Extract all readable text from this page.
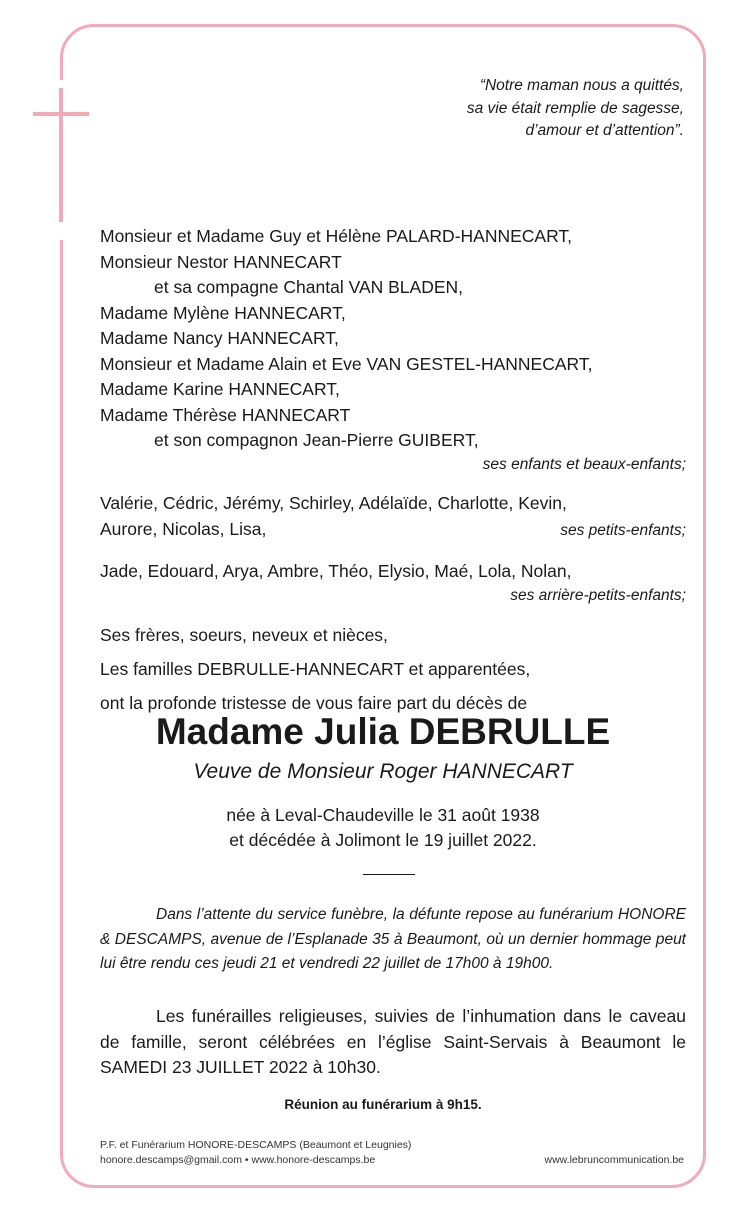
“Notre maman nous a quittés,
sa vie était remplie de sagesse,
d’amour et d’attention”.
Monsieur et Madame Guy et Hélène PALARD-HANNECART,
Monsieur Nestor HANNECART
et sa compagne Chantal VAN BLADEN,
Madame Mylène HANNECART,
Madame Nancy HANNECART,
Monsieur et Madame Alain et Eve VAN GESTEL-HANNECART,
Madame Karine HANNECART,
Madame Thérèse HANNECART
et son compagnon Jean-Pierre GUIBERT,
ses enfants et beaux-enfants;
Valérie, Cédric, Jérémy, Schirley, Adélaïde, Charlotte, Kevin,
Aurore, Nicolas, Lisa,	ses petits-enfants;
Jade, Edouard, Arya, Ambre, Théo, Elysio, Maé, Lola, Nolan,
ses arrière-petits-enfants;
Ses frères, soeurs, neveux et nièces,
Les familles DEBRULLE-HANNECART et apparentées,
ont la profonde tristesse de vous faire part du décès de
Madame Julia DEBRULLE
Veuve de Monsieur Roger HANNECART
née à Leval-Chaudeville le 31 août 1938
et décédée à Jolimont le 19 juillet 2022.
Dans l’attente du service funèbre, la défunte repose au funérarium HONORE & DESCAMPS, avenue de l’Esplanade 35 à Beaumont, où un dernier hommage peut lui être rendu ces jeudi 21 et vendredi 22 juillet de 17h00 à 19h00.
Les funérailles religieuses, suivies de l’inhumation dans le caveau de famille, seront célébrées en l’église Saint-Servais à Beaumont le SAMEDI 23 JUILLET 2022 à 10h30.
Réunion au funérarium à 9h15.
P.F. et Funérarium HONORE-DESCAMPS (Beaumont et Leugnies)
honore.descamps@gmail.com • www.honore-descamps.be	www.lebruncommunication.be
